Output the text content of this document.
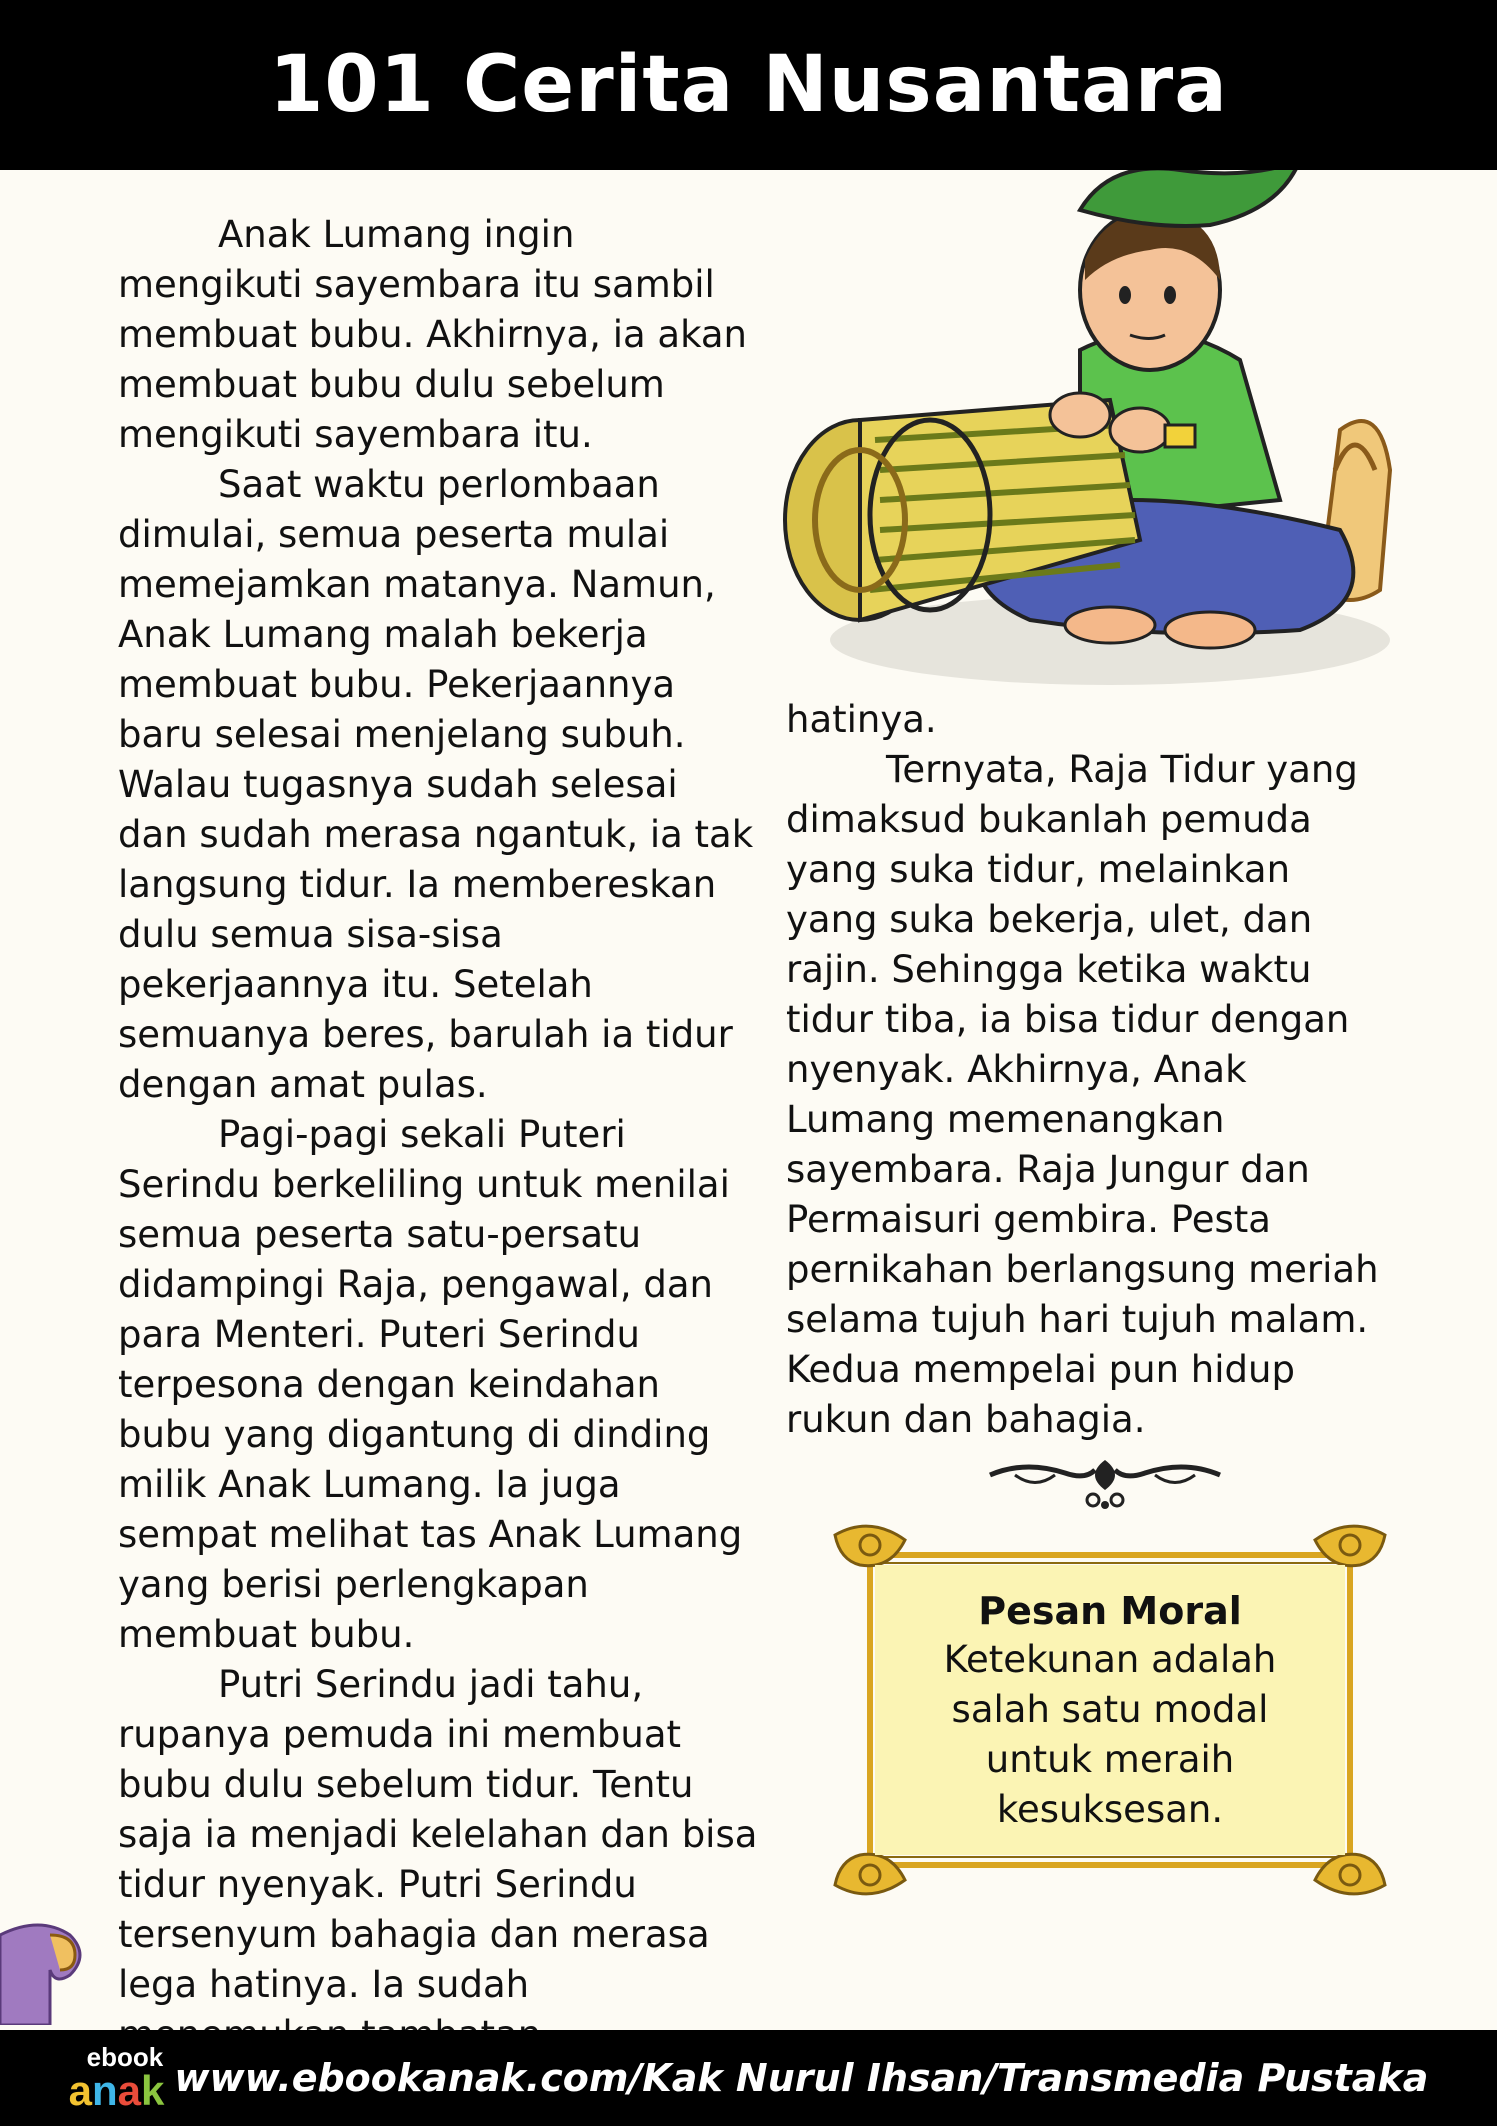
101 Cerita Nusantara

Anak Lumang ingin mengikuti sayembara itu sambil membuat bubu. Akhirnya, ia akan membuat bubu dulu sebelum mengikuti sayembara itu.

Saat waktu perlombaan dimulai, semua peserta mulai memejamkan matanya. Namun, Anak Lumang malah bekerja membuat bubu. Pekerjaannya baru selesai menjelang subuh. Walau tugasnya sudah selesai dan sudah merasa ngantuk, ia tak langsung tidur. Ia membereskan dulu semua sisa-sisa pekerjaannya itu. Setelah semuanya beres, barulah ia tidur dengan amat pulas.

Pagi-pagi sekali Puteri Serindu berkeliling untuk menilai semua peserta satu-persatu didampingi Raja, pengawal, dan para Menteri. Puteri Serindu terpesona dengan keindahan bubu yang digantung di dinding milik Anak Lumang. Ia juga sempat melihat tas Anak Lumang yang berisi perlengkapan membuat bubu.

Putri Serindu jadi tahu, rupanya pemuda ini membuat bubu dulu sebelum tidur. Tentu saja ia menjadi kelelahan dan bisa tidur nyenyak. Putri Serindu tersenyum bahagia dan merasa lega hatinya. Ia sudah

hatinya.

Ternyata, Raja Tidur yang dimaksud bukanlah pemuda yang suka tidur, melainkan yang suka bekerja, ulet, dan rajin. Sehingga ketika waktu tidur tiba, ia bisa tidur dengan nyenyak. Akhirnya, Anak Lumang memenangkan sayembara. Raja Jungur dan Permaisuri gembira. Pesta pernikahan berlangsung meriah selama tujuh hari tujuh malam. Kedua mempelai pun hidup rukun dan bahagia.

Pesan Moral
Ketekunan adalah salah satu modal untuk meraih kesuksesan.
ebook
anak www.ebookanak.com/Kak Nurul Ihsan/Transmedia Pustaka
